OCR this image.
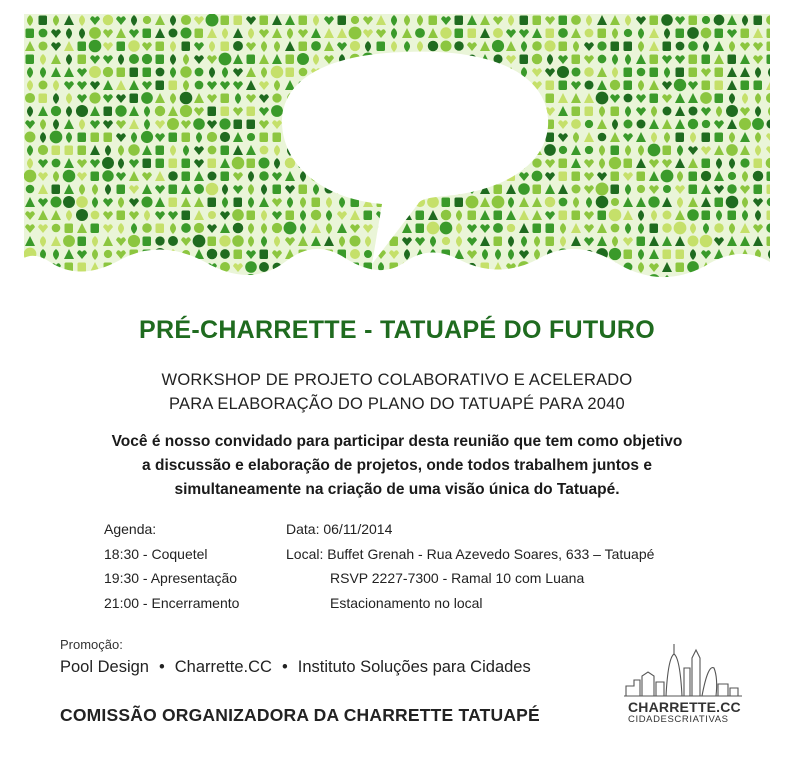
PRÉ-CHARRETTE - TATUAPÉ DO FUTURO
WORKSHOP DE PROJETO COLABORATIVO E ACELERADO
PARA ELABORAÇÃO DO PLANO DO TATUAPÉ PARA 2040
Você é nosso convidado para participar desta reunião que tem como objetivo
a discussão e elaboração de projetos, onde todos trabalhem juntos e
simultaneamente na criação de uma visão única do Tatuapé.
Agenda:
18:30 - Coquetel
19:30 - Apresentação
21:00 - Encerramento
Data: 06/11/2014
Local: Buffet Grenah - Rua Azevedo Soares, 633 – Tatuapé
RSVP 2227-7300 - Ramal 10 com Luana
Estacionamento no local
Promoção:
Pool Design • Charrette.CC • Instituto Soluções para Cidades
COMISSÃO ORGANIZADORA DA CHARRETTE TATUAPÉ	CHARRETTE.CC
CIDADESCRIATIVAS
